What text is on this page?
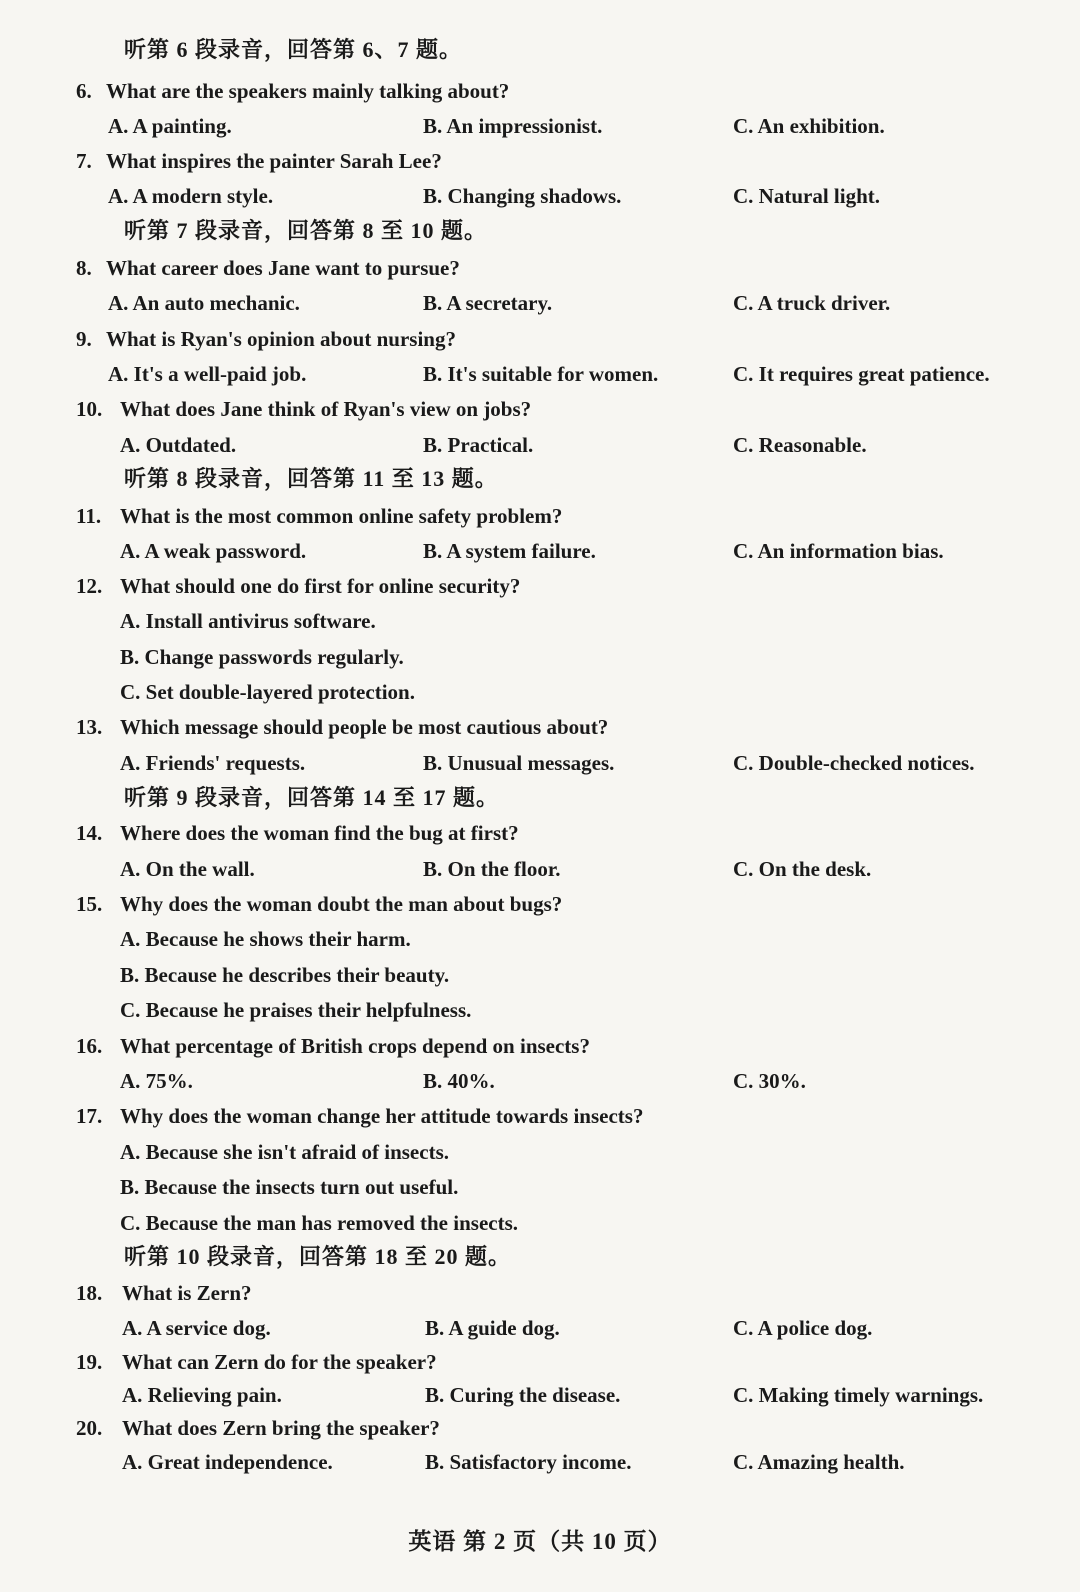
听第 6 段录音，回答第 6、7 题。
6. What are the speakers mainly talking about?
A. A painting.	B. An impressionist.	C. An exhibition.
7. What inspires the painter Sarah Lee?
A. A modern style.	B. Changing shadows.	C. Natural light.
听第 7 段录音，回答第 8 至 10 题。
8. What career does Jane want to pursue?
A. An auto mechanic.	B. A secretary.	C. A truck driver.
9. What is Ryan's opinion about nursing?
A. It's a well-paid job.	B. It's suitable for women.	C. It requires great patience.
10. What does Jane think of Ryan's view on jobs?
A. Outdated.	B. Practical.	C. Reasonable.
听第 8 段录音，回答第 11 至 13 题。
11. What is the most common online safety problem?
A. A weak password.	B. A system failure.	C. An information bias.
12. What should one do first for online security?
A. Install antivirus software.
B. Change passwords regularly.
C. Set double-layered protection.
13. Which message should people be most cautious about?
A. Friends' requests.	B. Unusual messages.	C. Double-checked notices.
听第 9 段录音，回答第 14 至 17 题。
14. Where does the woman find the bug at first?
A. On the wall.	B. On the floor.	C. On the desk.
15. Why does the woman doubt the man about bugs?
A. Because he shows their harm.
B. Because he describes their beauty.
C. Because he praises their helpfulness.
16. What percentage of British crops depend on insects?
A. 75%.	B. 40%.	C. 30%.
17. Why does the woman change her attitude towards insects?
A. Because she isn't afraid of insects.
B. Because the insects turn out useful.
C. Because the man has removed the insects.
听第 10 段录音，回答第 18 至 20 题。
18. What is Zern?
A. A service dog.	B. A guide dog.	C. A police dog.
19. What can Zern do for the speaker?
A. Relieving pain.	B. Curing the disease.	C. Making timely warnings.
20. What does Zern bring the speaker?
A. Great independence.	B. Satisfactory income.	C. Amazing health.
英语 第 2 页（共 10 页）
